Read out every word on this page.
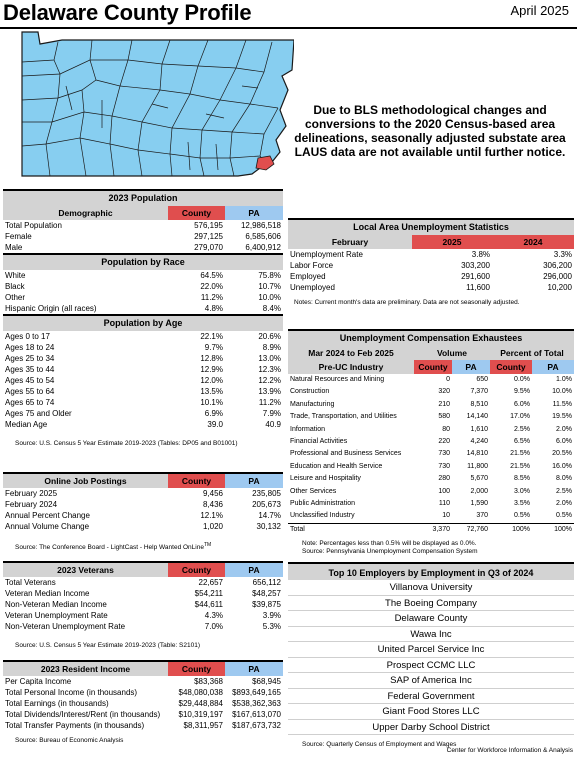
Delaware County Profile	April 2025
Due to BLS methodological changes and conversions to the 2020 Census-based area delineations, seasonally adjusted substate area LAUS data are not available until further notice.
2023 Population		
Demographic	County	PA
Total Population	576,195	12,986,518
Female	297,125	6,585,606
Male	279,070	6,400,912
Population by Race		
White	64.5%	75.8%
Black	22.0%	10.7%
Other	11.2%	10.0%
Hispanic Origin (all races)	4.8%	8.4%
Population by Age		
Ages 0 to 17	22.1%	20.6%
Ages 18 to 24	9.7%	8.9%
Ages 25 to 34	12.8%	13.0%
Ages 35 to 44	12.9%	12.3%
Ages 45 to 54	12.0%	12.2%
Ages 55 to 64	13.5%	13.9%
Ages 65 to 74	10.1%	11.2%
Ages 75 and Older	6.9%	7.9%
Median Age	39.0	40.9

Source: U.S. Census 5 Year Estimate 2019-2023 (Tables: DP05 and B01001)		
Online Job Postings	County	PA
February 2025	9,456	235,805
February 2024	8,436	205,673
Annual Percent Change	12.1%	14.7%
Annual Volume Change	1,020	30,132

Source: The Conference Board - LightCast - Help Wanted OnLine™
2023 Veterans	County	PA
Total Veterans	22,657	656,112
Veteran Median Income	$54,211	$48,257
Non-Veteran Median Income	$44,611	$39,875
Veteran Unemployment Rate	4.3%	3.9%
Non-Veteran Unemployment Rate	7.0%	5.3%

Source: U.S. Census 5 Year Estimate 2019-2023 (Table: S2101)		
2023 Resident Income	County	PA
Per Capita Income	$83,368	$68,945
Total Personal Income (in thousands)	$48,080,038	$893,649,165
Total Earnings (in thousands)	$29,448,884	$538,362,363
Total Dividends/Interest/Rent (in thousands)	$10,319,197	$167,613,070
Total Transfer Payments (in thousands)	$8,311,957	$187,673,732

Source: Bureau of Economic Analysis		
Local Area Unemployment Statistics		
February	2025	2024
Unemployment Rate	3.8%	3.3%
Labor Force	303,200	306,200
Employed	291,600	296,000
Unemployed	11,600	10,200

Notes: Current month's data are preliminary. Data are not seasonally adjusted.		
Unemployment Compensation Exhaustees				
Mar 2024 to Feb 2025	Volume		Percent of Total	
Pre-UC Industry	County	PA	County	PA
Natural Resources and Mining	0	650	0.0%	1.0%
Construction	320	7,370	9.5%	10.0%
Manufacturing	210	8,510	6.0%	11.5%
Trade, Transportation, and Utilities	580	14,140	17.0%	19.5%
Information	80	1,610	2.5%	2.0%
Financial Activities	220	4,240	6.5%	6.0%
Professional and Business Services	730	14,810	21.5%	20.5%
Education and Health Service	730	11,800	21.5%	16.0%
Leisure and Hospitality	280	5,670	8.5%	8.0%
Other Services	100	2,000	3.0%	2.5%
Public Administration	110	1,590	3.5%	2.0%
Unclassified Industry	10	370	0.5%	0.5%
Total	3,370	72,760	100%	100%

Note: Percentages less than 0.5% will be displayed as 0.0%.				
Source: Pennsylvania Unemployment Compensation System				
Top 10 Employers by Employment in Q3 of 2024
Villanova University
The Boeing Company
Delaware County
Wawa Inc
United Parcel Service Inc
Prospect CCMC LLC
SAP of America Inc
Federal Government
Giant Food Stores LLC
Upper Darby School District
Source: Quarterly Census of Employment and Wages
Center for Workforce Information & Analysis
